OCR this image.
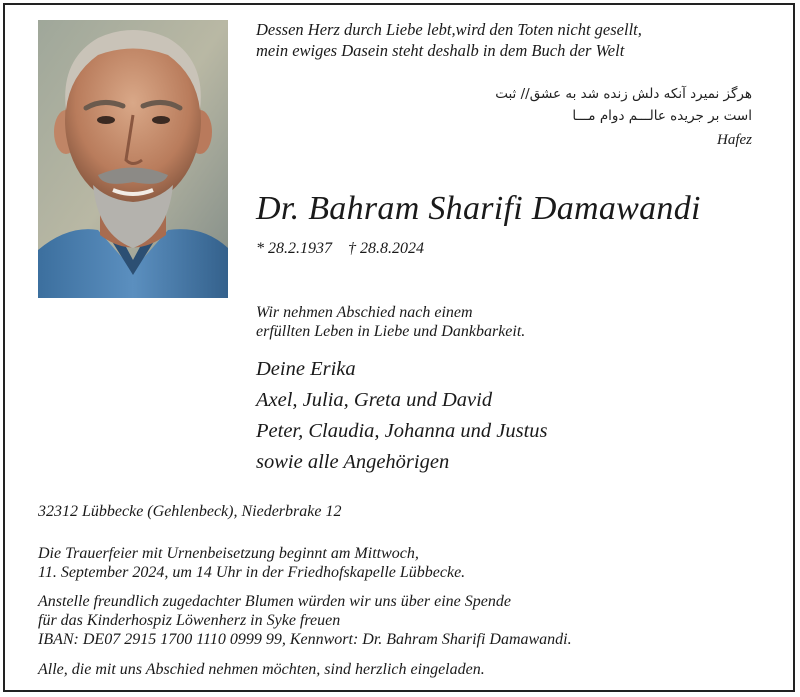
Dessen Herz durch Liebe lebt,wird den Toten nicht gesellt,
mein ewiges Dasein steht deshalb in dem Buch der Welt
هرگز نمیرد آنکه دلش زنده شد به عشق// ثبت
است بر جریده عالـــم دوام مـــا
Hafez
Dr. Bahram Sharifi Damawandi
* 28.2.1937    † 28.8.2024
Wir nehmen Abschied nach einem
erfüllten Leben in Liebe und Dankbarkeit.
Deine Erika
Axel, Julia, Greta und David
Peter, Claudia, Johanna und Justus
sowie alle Angehörigen
32312 Lübbecke (Gehlenbeck), Niederbrake 12
Die Trauerfeier mit Urnenbeisetzung beginnt am Mittwoch,
11. September 2024, um 14 Uhr in der Friedhofskapelle Lübbecke.
Anstelle freundlich zugedachter Blumen würden wir uns über eine Spende
für das Kinderhospiz Löwenherz in Syke freuen
IBAN: DE07 2915 1700 1110 0999 99, Kennwort: Dr. Bahram Sharifi Damawandi.
Alle, die mit uns Abschied nehmen möchten, sind herzlich eingeladen.
